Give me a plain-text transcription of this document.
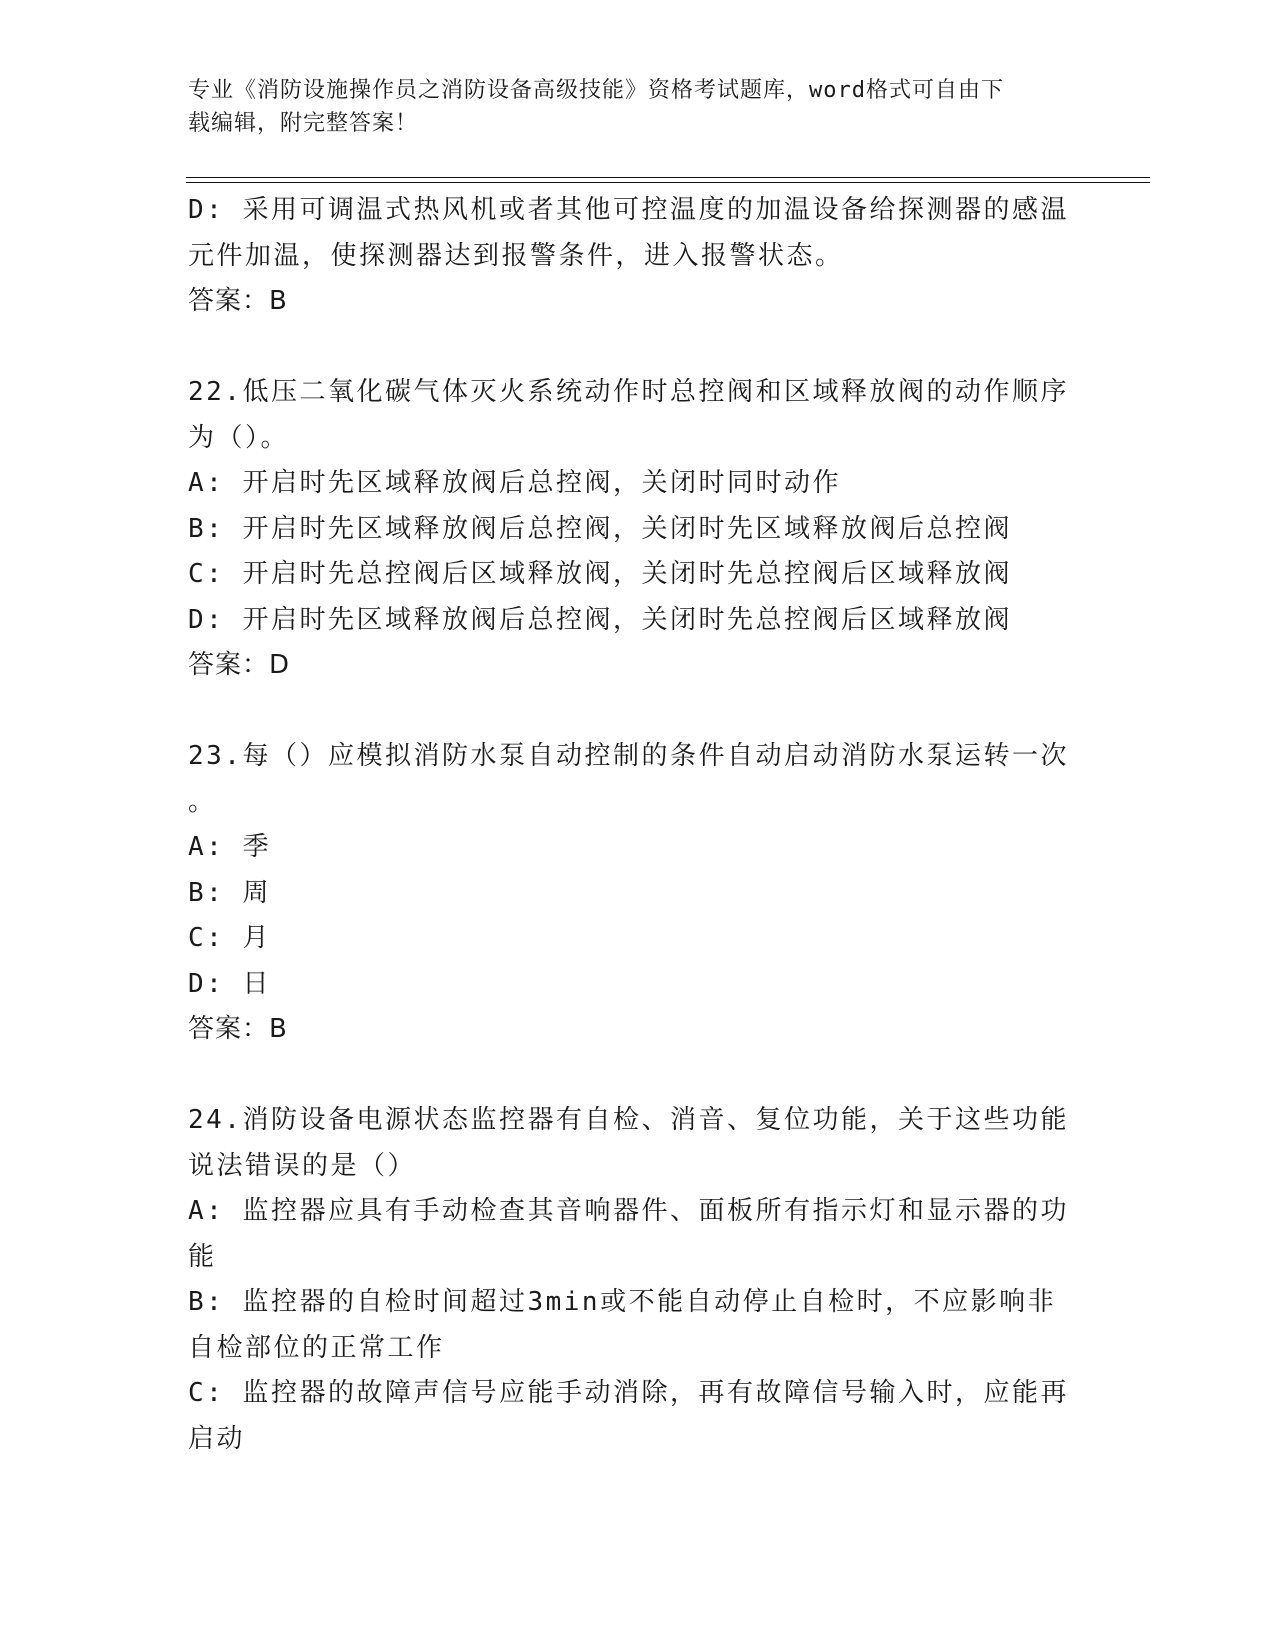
专业《消防设施操作员之消防设备高级技能》资格考试题库，word格式可自由下
载编辑，附完整答案！
D: 采用可调温式热风机或者其他可控温度的加温设备给探测器的感温
元件加温，使探测器达到报警条件，进入报警状态。
答案：B
22.低压二氧化碳气体灭火系统动作时总控阀和区域释放阀的动作顺序
为（）。
A: 开启时先区域释放阀后总控阀，关闭时同时动作
B: 开启时先区域释放阀后总控阀，关闭时先区域释放阀后总控阀
C: 开启时先总控阀后区域释放阀，关闭时先总控阀后区域释放阀
D: 开启时先区域释放阀后总控阀，关闭时先总控阀后区域释放阀
答案：D
23.每（）应模拟消防水泵自动控制的条件自动启动消防水泵运转一次
。
A: 季
B: 周
C: 月
D: 日
答案：B
24.消防设备电源状态监控器有自检、消音、复位功能，关于这些功能
说法错误的是（）
A: 监控器应具有手动检查其音响器件、面板所有指示灯和显示器的功
能
B: 监控器的自检时间超过3min或不能自动停止自检时，不应影响非
自检部位的正常工作
C: 监控器的故障声信号应能手动消除，再有故障信号输入时，应能再
启动
